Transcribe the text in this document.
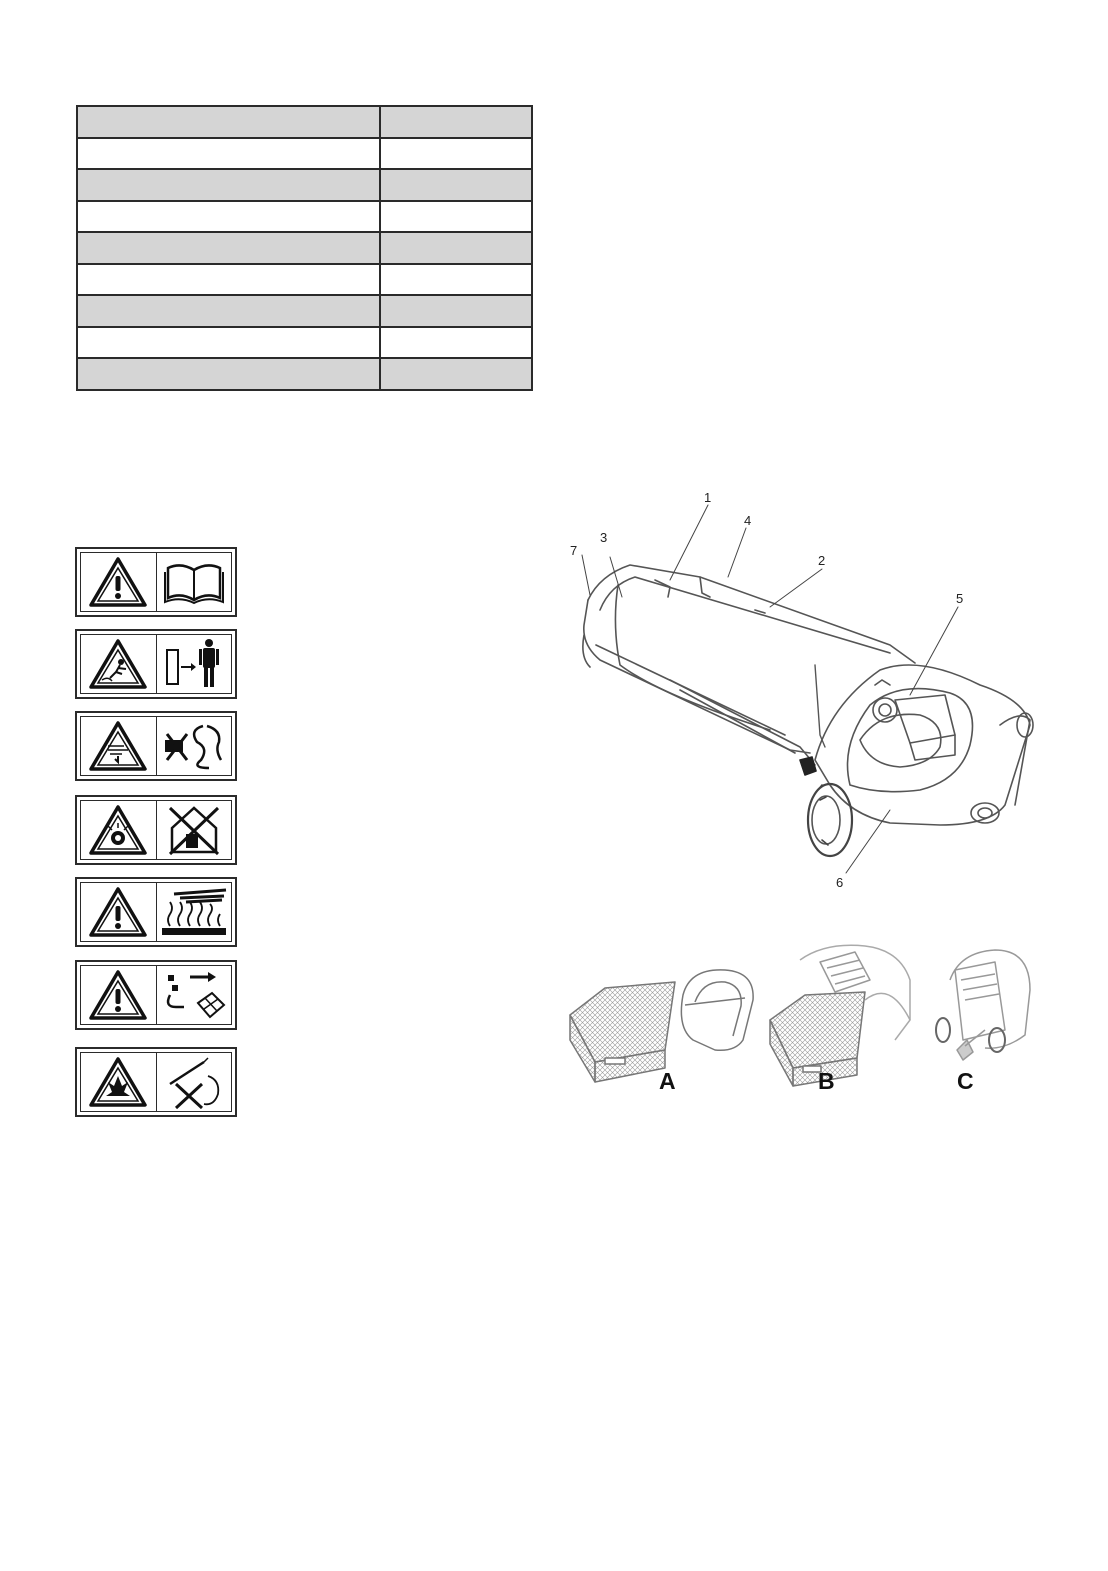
1
2
3
4
5
6
7
A	B	C
